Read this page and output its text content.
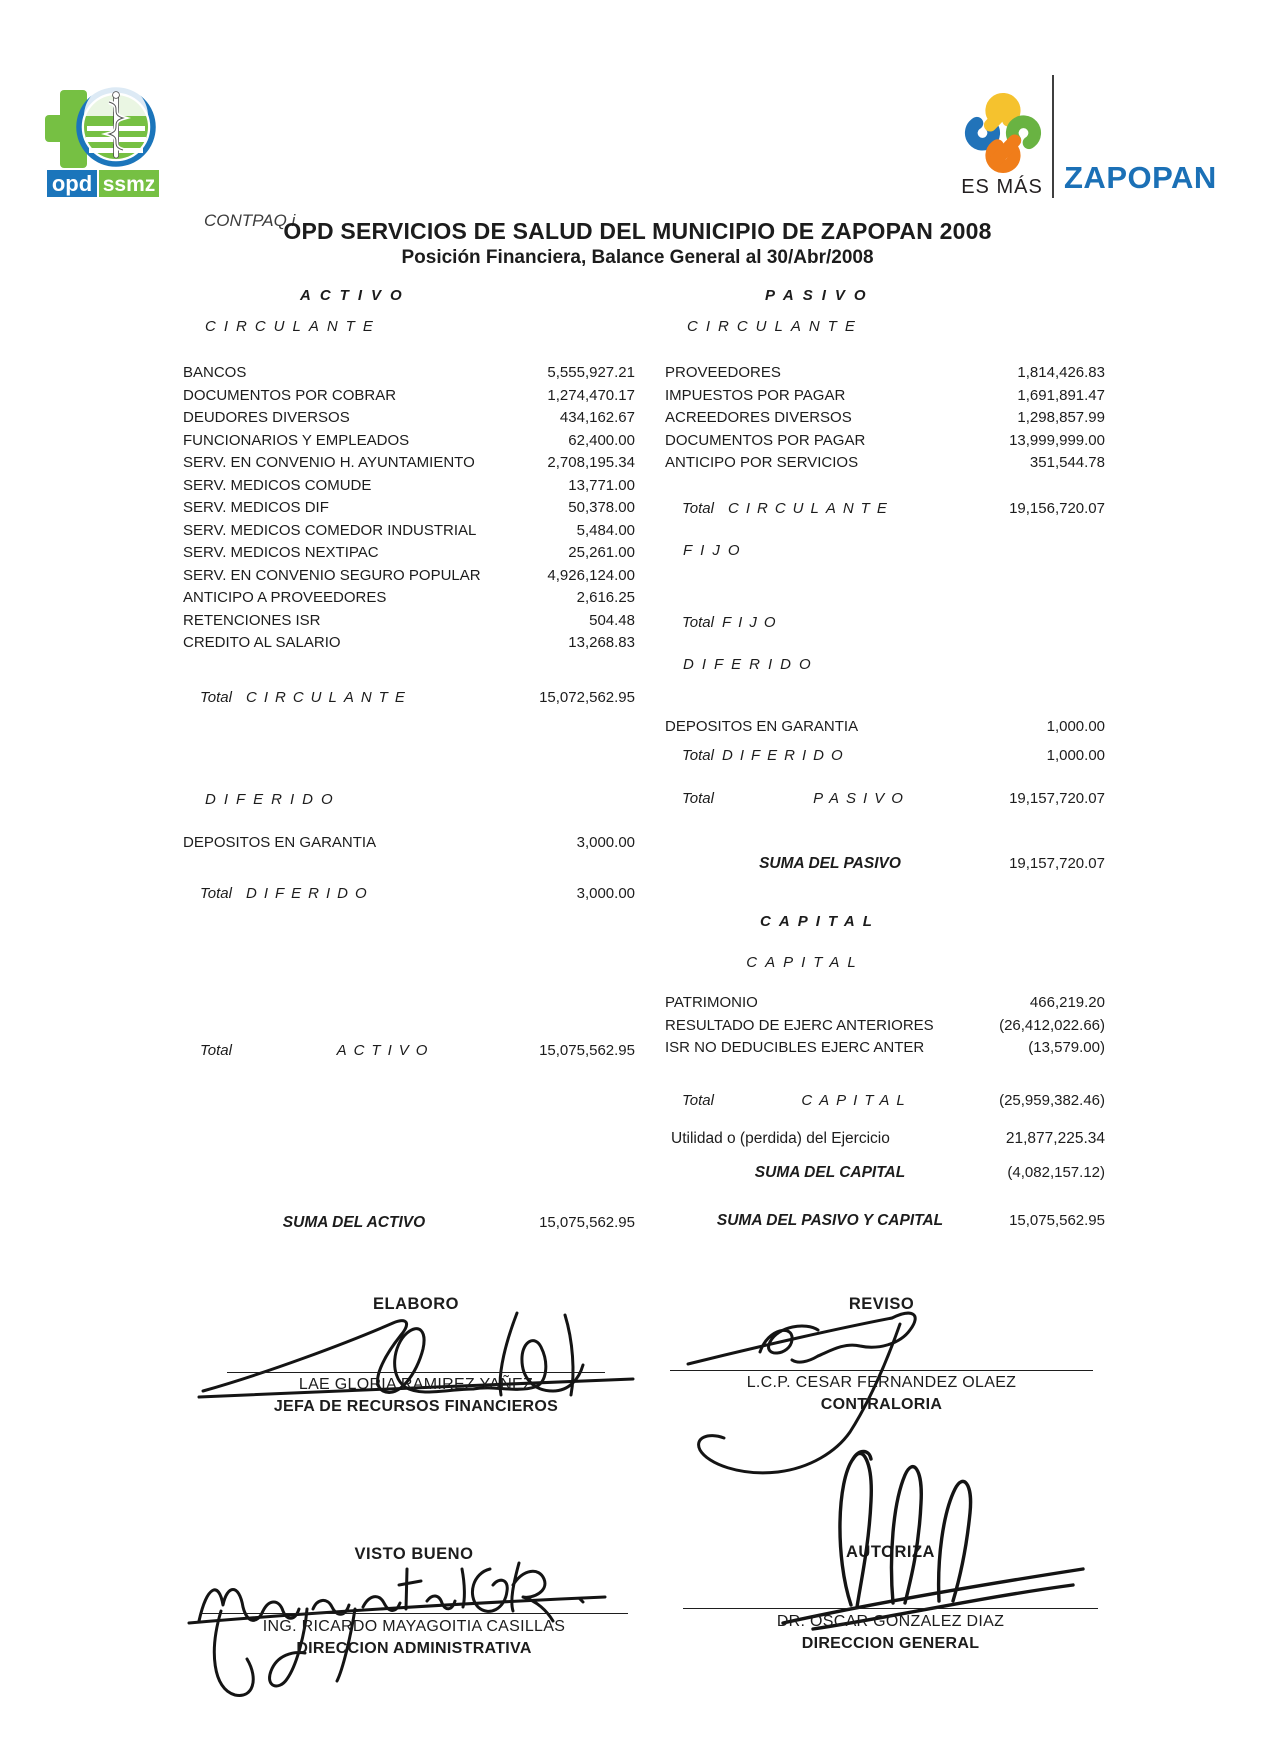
opd ssmz	ES MÁS ZAPOPAN
CONTPAQ i
OPD SERVICIOS DE SALUD DEL MUNICIPIO DE ZAPOPAN 2008
Posición Financiera, Balance General al 30/Abr/2008
ACTIVO	PASIVO
CIRCULANTE
BANCOS	5,555,927.21
DOCUMENTOS POR COBRAR	1,274,470.17
DEUDORES DIVERSOS	434,162.67
FUNCIONARIOS Y EMPLEADOS	62,400.00
SERV. EN CONVENIO H. AYUNTAMIENTO	2,708,195.34
SERV. MEDICOS COMUDE	13,771.00
SERV. MEDICOS DIF	50,378.00
SERV. MEDICOS COMEDOR INDUSTRIAL	5,484.00
SERV. MEDICOS NEXTIPAC	25,261.00
SERV. EN CONVENIO SEGURO POPULAR	4,926,124.00
ANTICIPO A PROVEEDORES	2,616.25
RETENCIONES ISR	504.48
CREDITO AL SALARIO	13,268.83
Total CIRCULANTE	15,072,562.95
DIFERIDO
DEPOSITOS EN GARANTIA	3,000.00
Total DIFERIDO	3,000.00
Total	ACTIVO	15,075,562.95
SUMA DEL ACTIVO	15,075,562.95
CIRCULANTE
PROVEEDORES	1,814,426.83
IMPUESTOS POR PAGAR	1,691,891.47
ACREEDORES DIVERSOS	1,298,857.99
DOCUMENTOS POR PAGAR	13,999,999.00
ANTICIPO POR SERVICIOS	351,544.78
Total CIRCULANTE	19,156,720.07
FIJO
Total FIJO
DIFERIDO
DEPOSITOS EN GARANTIA	1,000.00
Total DIFERIDO	1,000.00
Total	PASIVO	19,157,720.07
SUMA DEL PASIVO	19,157,720.07
CAPITAL
CAPITAL
PATRIMONIO	466,219.20
RESULTADO DE EJERC ANTERIORES	(26,412,022.66)
ISR NO DEDUCIBLES EJERC ANTER	(13,579.00)
Total	CAPITAL	(25,959,382.46)
Utilidad o (perdida) del Ejercicio	21,877,225.34
SUMA DEL CAPITAL	(4,082,157.12)
SUMA DEL PASIVO Y CAPITAL	15,075,562.95
ELABORO
LAE GLORIA RAMIREZ YAÑEZ
JEFA DE RECURSOS FINANCIEROS
REVISO
L.C.P. CESAR FERNANDEZ OLAEZ
CONTRALORIA
VISTO BUENO
ING. RICARDO MAYAGOITIA CASILLAS
DIRECCION ADMINISTRATIVA
AUTORIZA
DR. OSCAR GONZALEZ DIAZ
DIRECCION GENERAL
